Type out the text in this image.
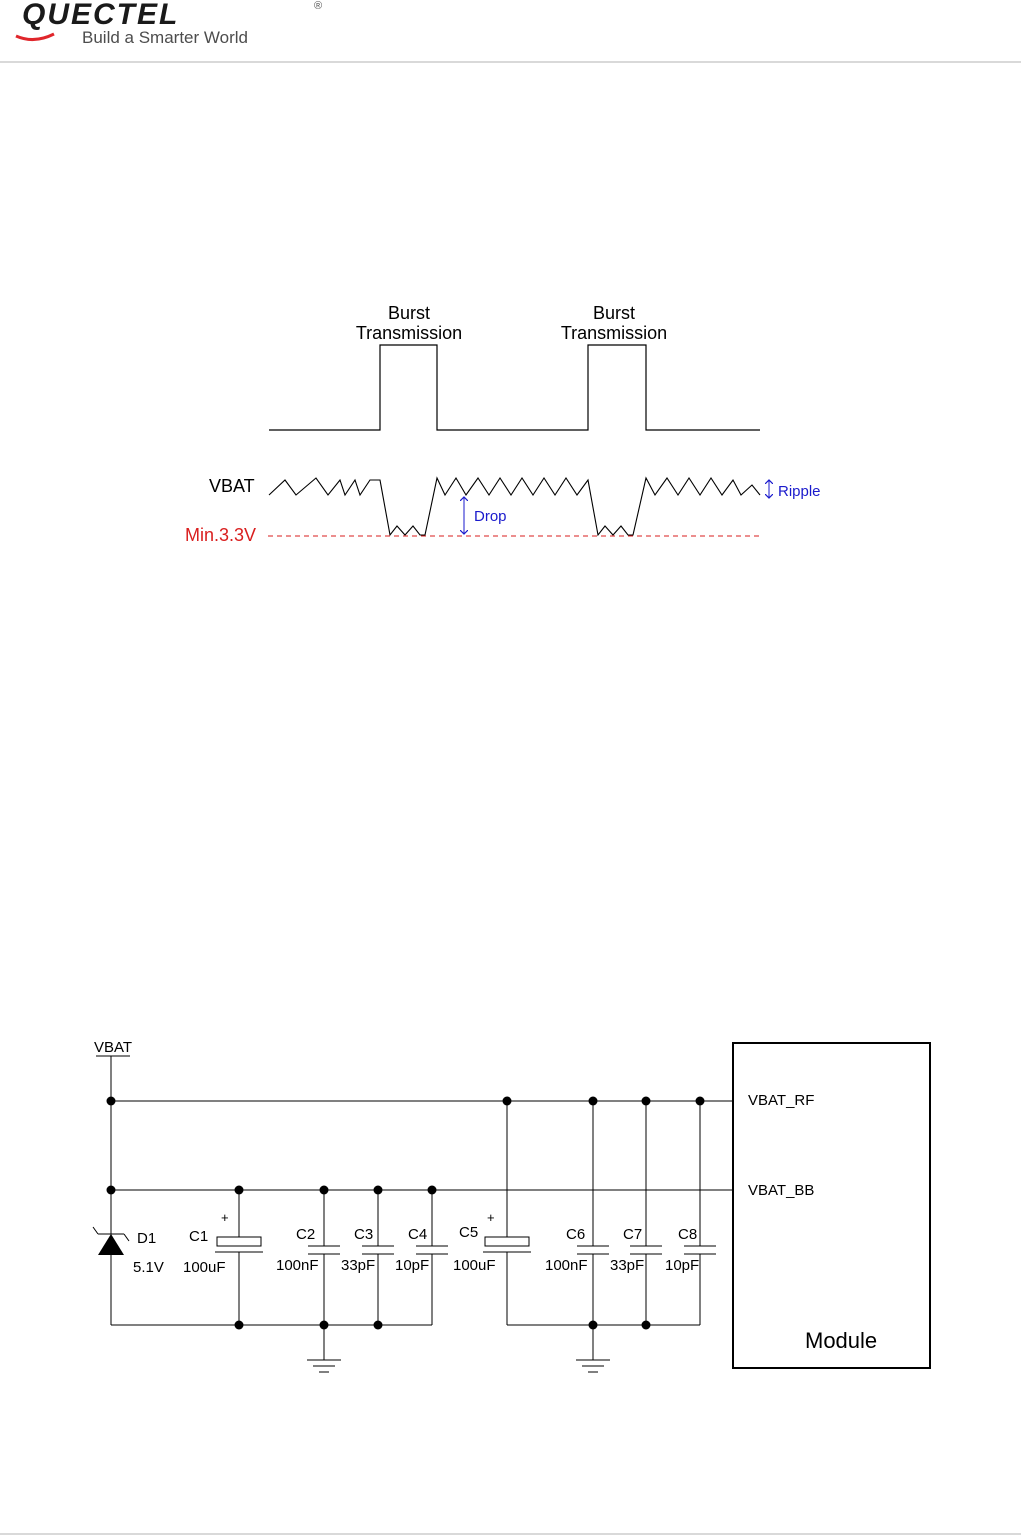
QUECTEL	®
Build a Smarter World
Burst
Transmission
Burst
Transmission
VBAT
Min.3.3V
Drop
Ripple
VBAT
VBAT_RF
VBAT_BB
D1
5.1V
+
C1
100uF
C2
100nF
C3
33pF
C4
10pF
+
C5
100uF
C6
100nF
C7
33pF
C8
10pF
Module
